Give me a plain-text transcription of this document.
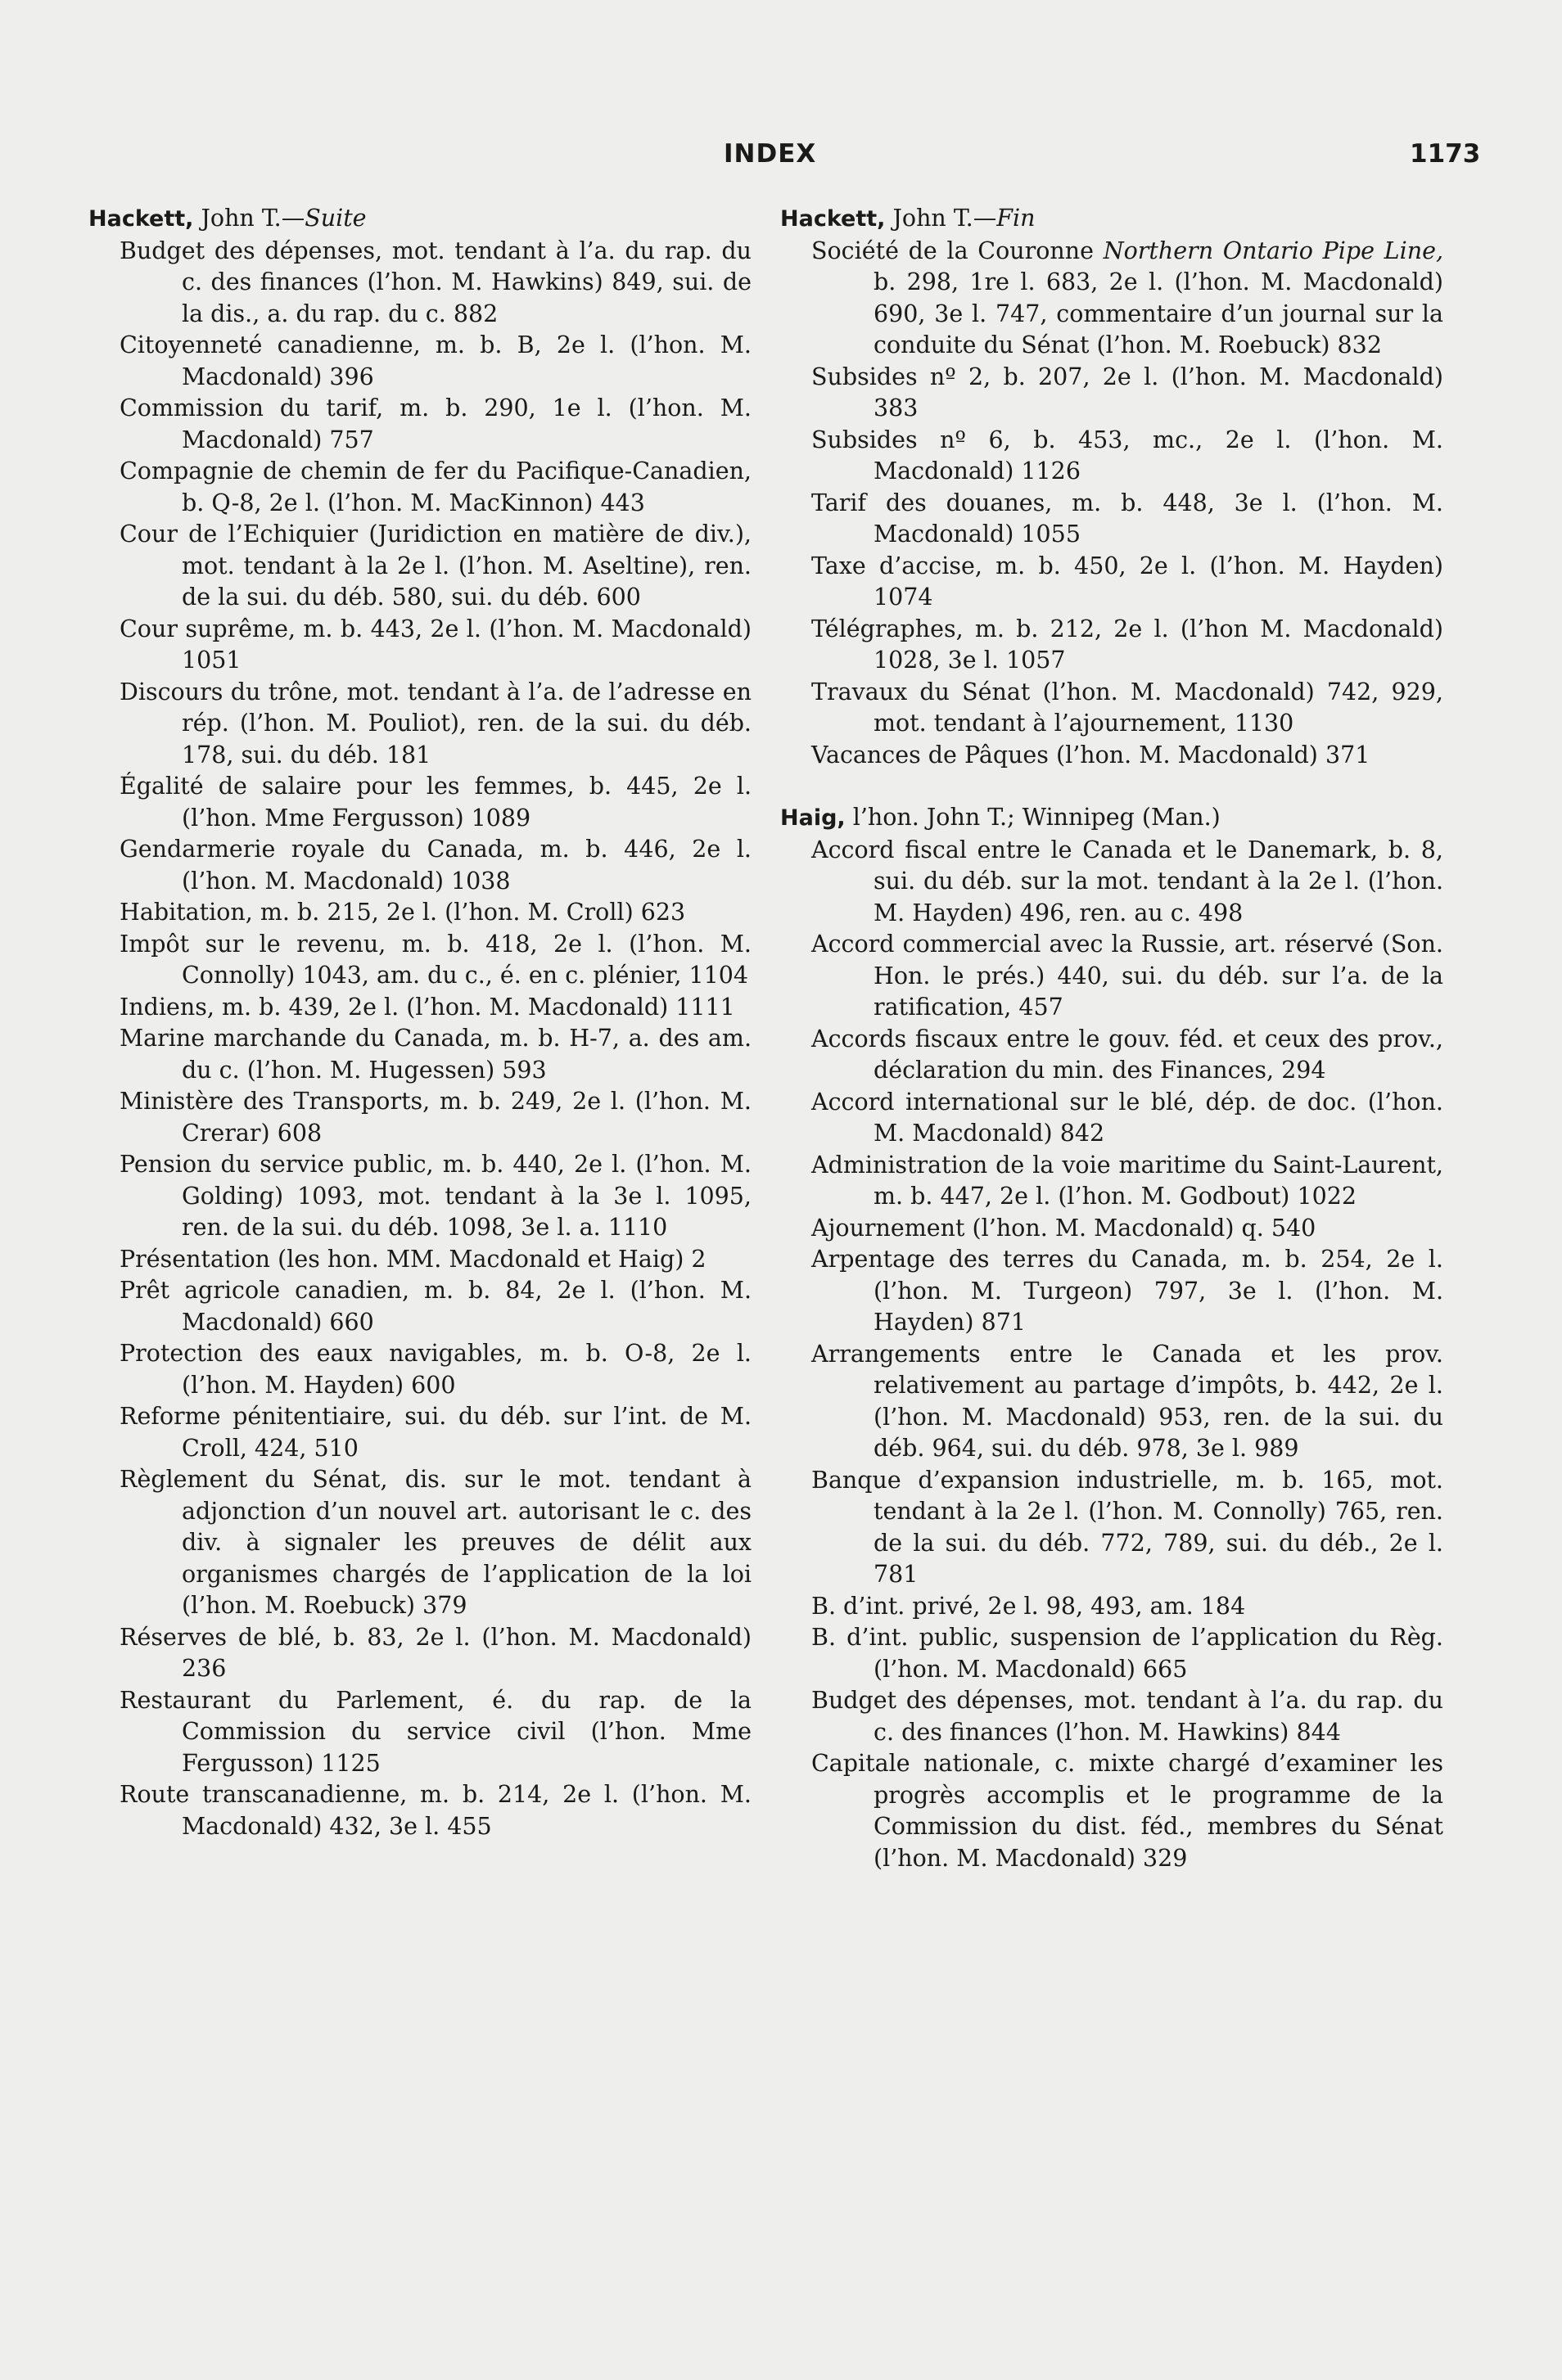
INDEX	1173
Hackett, John T.—Suite

Budget des dépenses, mot. tendant à l’a. du rap. du c. des finances (l’hon. M. Hawkins) 849, sui. de la dis., a. du rap. du c. 882

Citoyenneté canadienne, m. b. B, 2e l. (l’hon. M. Macdonald) 396

Commission du tarif, m. b. 290, 1e l. (l’hon. M. Macdonald) 757

Compagnie de chemin de fer du Pacifique-Canadien, b. Q-8, 2e l. (l’hon. M. MacKinnon) 443

Cour de l’Echiquier (Juridiction en matière de div.), mot. tendant à la 2e l. (l’hon. M. Aseltine), ren. de la sui. du déb. 580, sui. du déb. 600

Cour suprême, m. b. 443, 2e l. (l’hon. M. Macdonald) 1051

Discours du trône, mot. tendant à l’a. de l’adresse en rép. (l’hon. M. Pouliot), ren. de la sui. du déb. 178, sui. du déb. 181

Égalité de salaire pour les femmes, b. 445, 2e l. (l’hon. Mme Fergusson) 1089

Gendarmerie royale du Canada, m. b. 446, 2e l. (l’hon. M. Macdonald) 1038

Habitation, m. b. 215, 2e l. (l’hon. M. Croll) 623

Impôt sur le revenu, m. b. 418, 2e l. (l’hon. M. Connolly) 1043, am. du c., é. en c. plénier, 1104

Indiens, m. b. 439, 2e l. (l’hon. M. Macdonald) 1111

Marine marchande du Canada, m. b. H-7, a. des am. du c. (l’hon. M. Hugessen) 593

Ministère des Transports, m. b. 249, 2e l. (l’hon. M. Crerar) 608

Pension du service public, m. b. 440, 2e l. (l’hon. M. Golding) 1093, mot. tendant à la 3e l. 1095, ren. de la sui. du déb. 1098, 3e l. a. 1110

Présentation (les hon. MM. Macdonald et Haig) 2

Prêt agricole canadien, m. b. 84, 2e l. (l’hon. M. Macdonald) 660

Protection des eaux navigables, m. b. O-8, 2e l. (l’hon. M. Hayden) 600

Reforme pénitentiaire, sui. du déb. sur l’int. de M. Croll, 424, 510

Règlement du Sénat, dis. sur le mot. tendant à adjonction d’un nouvel art. autorisant le c. des div. à signaler les preuves de délit aux organismes chargés de l’application de la loi (l’hon. M. Roebuck) 379

Réserves de blé, b. 83, 2e l. (l’hon. M. Macdonald) 236

Restaurant du Parlement, é. du rap. de la Commission du service civil (l’hon. Mme Fergusson) 1125

Route transcanadienne, m. b. 214, 2e l. (l’hon. M. Macdonald) 432, 3e l. 455

Hackett, John T.—Fin

Société de la Couronne Northern Ontario Pipe Line, b. 298, 1re l. 683, 2e l. (l’hon. M. Macdonald) 690, 3e l. 747, commentaire d’un journal sur la conduite du Sénat (l’hon. M. Roebuck) 832

Subsides nº 2, b. 207, 2e l. (l’hon. M. Macdonald) 383

Subsides nº 6, b. 453, mc., 2e l. (l’hon. M. Macdonald) 1126

Tarif des douanes, m. b. 448, 3e l. (l’hon. M. Macdonald) 1055

Taxe d’accise, m. b. 450, 2e l. (l’hon. M. Hayden) 1074

Télégraphes, m. b. 212, 2e l. (l’hon M. Macdonald) 1028, 3e l. 1057

Travaux du Sénat (l’hon. M. Macdonald) 742, 929, mot. tendant à l’ajournement, 1130

Vacances de Pâques (l’hon. M. Macdonald) 371

Haig, l’hon. John T.; Winnipeg (Man.)

Accord fiscal entre le Canada et le Danemark, b. 8, sui. du déb. sur la mot. tendant à la 2e l. (l’hon. M. Hayden) 496, ren. au c. 498

Accord commercial avec la Russie, art. réservé (Son. Hon. le prés.) 440, sui. du déb. sur l’a. de la ratification, 457

Accords fiscaux entre le gouv. féd. et ceux des prov., déclaration du min. des Finances, 294

Accord international sur le blé, dép. de doc. (l’hon. M. Macdonald) 842

Administration de la voie maritime du Saint-Laurent, m. b. 447, 2e l. (l’hon. M. Godbout) 1022

Ajournement (l’hon. M. Macdonald) q. 540

Arpentage des terres du Canada, m. b. 254, 2e l. (l’hon. M. Turgeon) 797, 3e l. (l’hon. M. Hayden) 871

Arrangements entre le Canada et les prov. relativement au partage d’impôts, b. 442, 2e l. (l’hon. M. Macdonald) 953, ren. de la sui. du déb. 964, sui. du déb. 978, 3e l. 989

Banque d’expansion industrielle, m. b. 165, mot. tendant à la 2e l. (l’hon. M. Connolly) 765, ren. de la sui. du déb. 772, 789, sui. du déb., 2e l. 781

B. d’int. privé, 2e l. 98, 493, am. 184

B. d’int. public, suspension de l’application du Règ. (l’hon. M. Macdonald) 665

Budget des dépenses, mot. tendant à l’a. du rap. du c. des finances (l’hon. M. Hawkins) 844

Capitale nationale, c. mixte chargé d’examiner les progrès accomplis et le programme de la Commission du dist. féd., membres du Sénat (l’hon. M. Macdonald) 329
